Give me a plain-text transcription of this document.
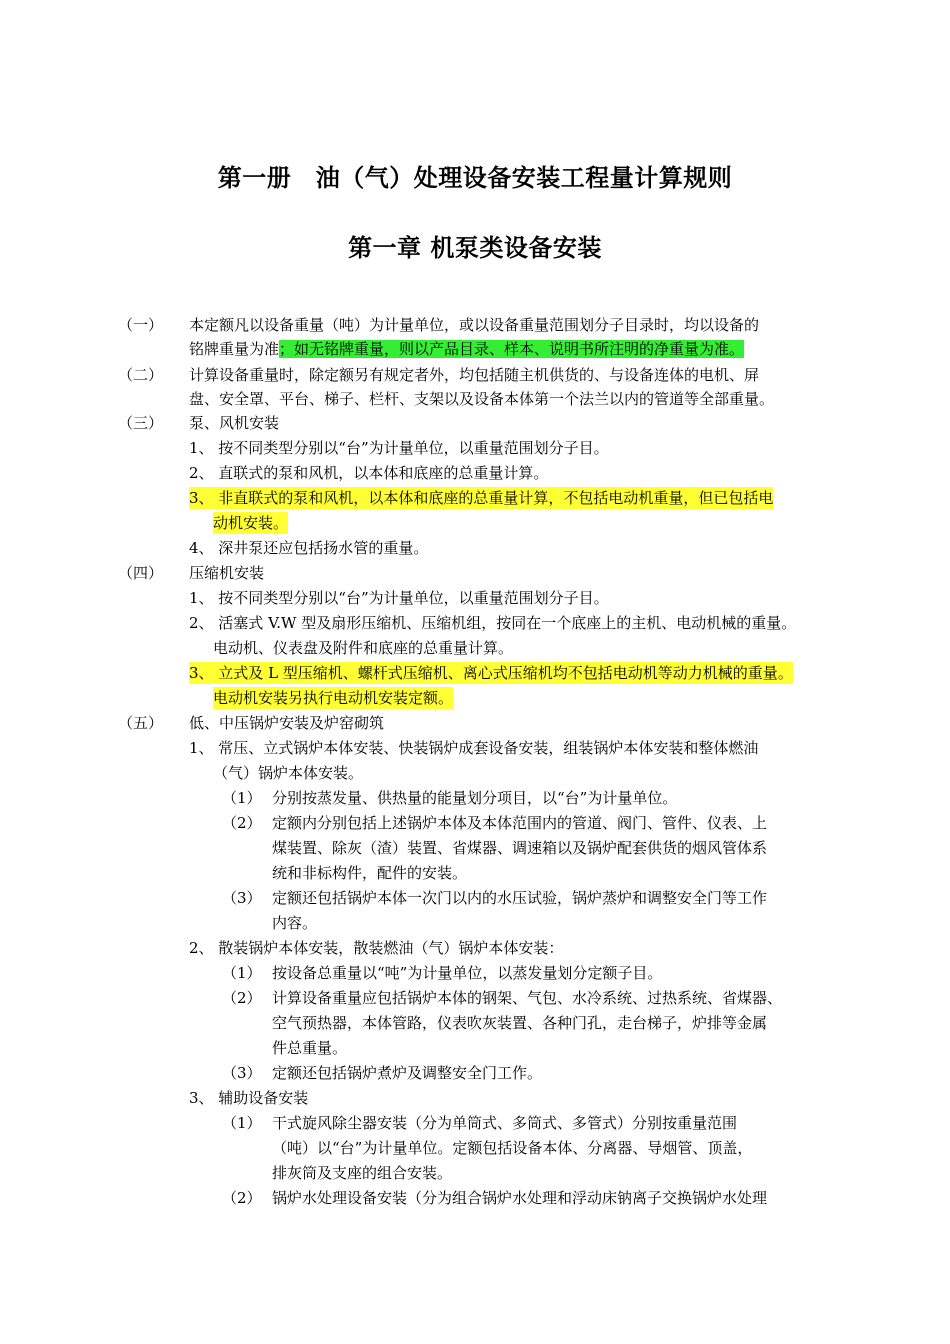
第一册　油（气）处理设备安装工程量计算规则
第一章 机泵类设备安装
（一） 本定额凡以设备重量（吨）为计量单位，或以设备重量范围划分子目录时，均以设备的
铭牌重量为准；如无铭牌重量，则以产品目录、样本、说明书所注明的净重量为准。
（二） 计算设备重量时，除定额另有规定者外，均包括随主机供货的、与设备连体的电机、屏
盘、安全罩、平台、梯子、栏杆、支架以及设备本体第一个法兰以内的管道等全部重量。
（三） 泵、风机安装
1、 按不同类型分别以“台”为计量单位，以重量范围划分子目。
2、 直联式的泵和风机，以本体和底座的总重量计算。
3、 非直联式的泵和风机，以本体和底座的总重量计算，不包括电动机重量，但已包括电
动机安装。
4、 深井泵还应包括扬水管的重量。
（四） 压缩机安装
1、 按不同类型分别以“台”为计量单位，以重量范围划分子目。
2、 活塞式 V.W 型及扇形压缩机、压缩机组，按同在一个底座上的主机、电动机械的重量。
电动机、仪表盘及附件和底座的总重量计算。
3、 立式及 L 型压缩机、螺杆式压缩机、离心式压缩机均不包括电动机等动力机械的重量。
电动机安装另执行电动机安装定额。
（五） 低、中压锅炉安装及炉窑砌筑
1、 常压、立式锅炉本体安装、快装锅炉成套设备安装，组装锅炉本体安装和整体燃油
（气）锅炉本体安装。
（1） 分别按蒸发量、供热量的能量划分项目，以“台”为计量单位。
（2） 定额内分别包括上述锅炉本体及本体范围内的管道、阀门、管件、仪表、上
煤装置、除灰（渣）装置、省煤器、调速箱以及锅炉配套供货的烟风管体系
统和非标构件，配件的安装。
（3） 定额还包括锅炉本体一次门以内的水压试验，锅炉蒸炉和调整安全门等工作
内容。
2、 散装锅炉本体安装，散装燃油（气）锅炉本体安装：
（1） 按设备总重量以“吨”为计量单位，以蒸发量划分定额子目。
（2） 计算设备重量应包括锅炉本体的钢架、气包、水冷系统、过热系统、省煤器、
空气预热器，本体管路，仪表吹灰装置、各种门孔，走台梯子，炉排等金属
件总重量。
（3） 定额还包括锅炉煮炉及调整安全门工作。
3、 辅助设备安装
（1） 干式旋风除尘器安装（分为单筒式、多筒式、多管式）分别按重量范围
（吨）以“台”为计量单位。定额包括设备本体、分离器、导烟管、顶盖，
排灰筒及支座的组合安装。
（2） 锅炉水处理设备安装（分为组合锅炉水处理和浮动床钠离子交换锅炉水处理
